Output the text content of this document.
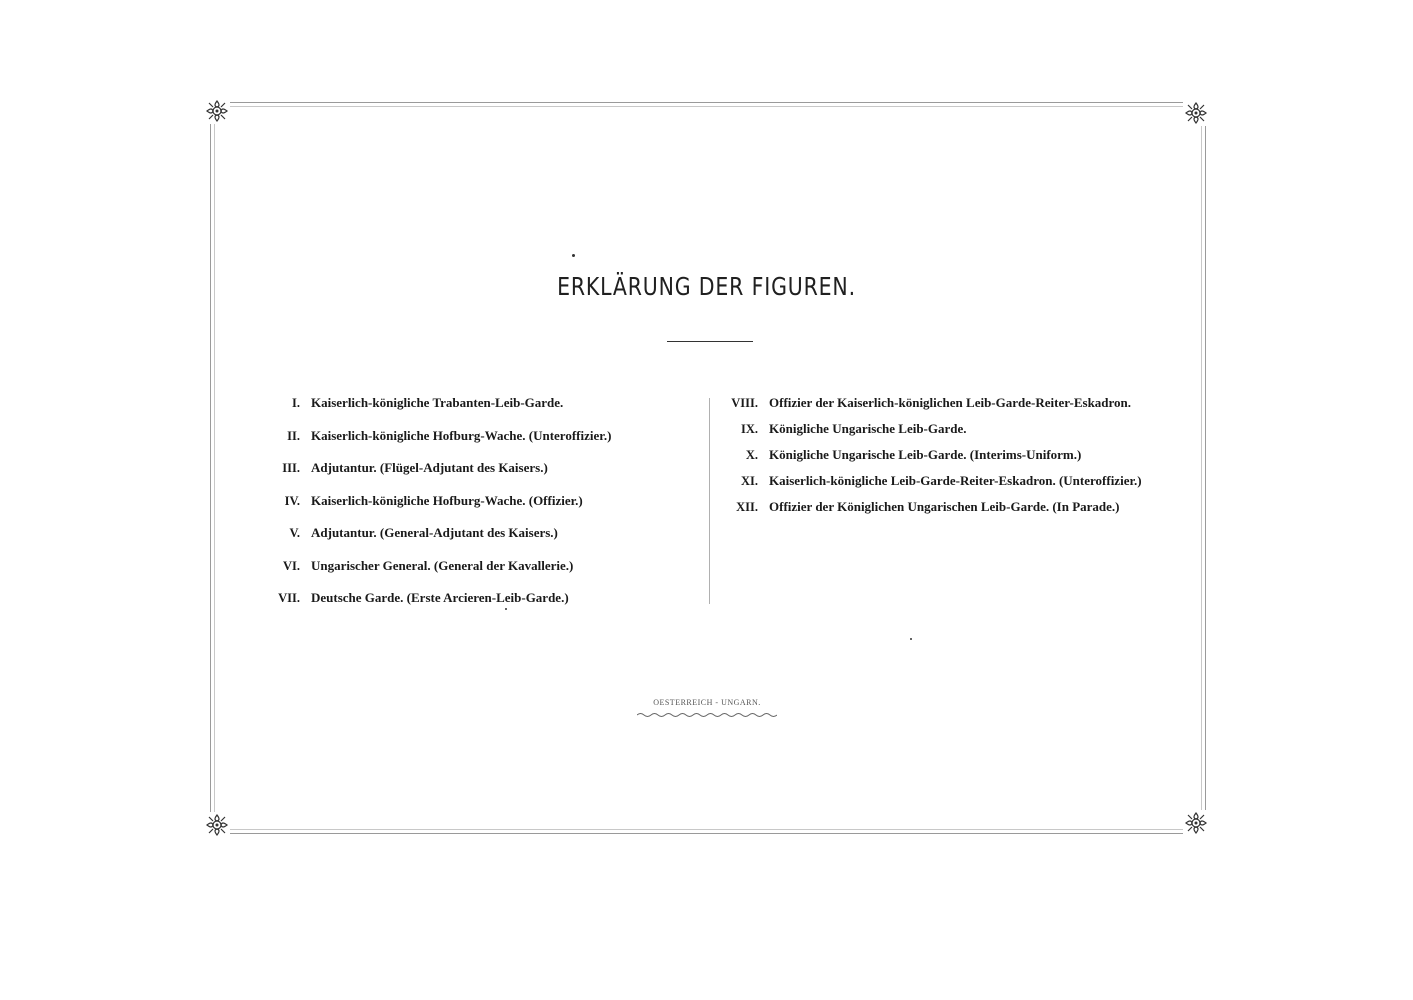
ERKLÄRUNG DER FIGUREN.
I. Kaiserlich-königliche Trabanten-Leib-Garde.
II. Kaiserlich-königliche Hofburg-Wache. (Unteroffizier.)
III. Adjutantur. (Flügel-Adjutant des Kaisers.)
IV. Kaiserlich-königliche Hofburg-Wache. (Offizier.)
V. Adjutantur. (General-Adjutant des Kaisers.)
VI. Ungarischer General. (General der Kavallerie.)
VII. Deutsche Garde. (Erste Arcieren-Leib-Garde.)
VIII. Offizier der Kaiserlich-königlichen Leib-Garde-Reiter-Eskadron.
IX. Königliche Ungarische Leib-Garde.
X. Königliche Ungarische Leib-Garde. (Interims-Uniform.)
XI. Kaiserlich-königliche Leib-Garde-Reiter-Eskadron. (Unteroffizier.)
XII. Offizier der Königlichen Ungarischen Leib-Garde. (In Parade.)
OESTERREICH - UNGARN.
